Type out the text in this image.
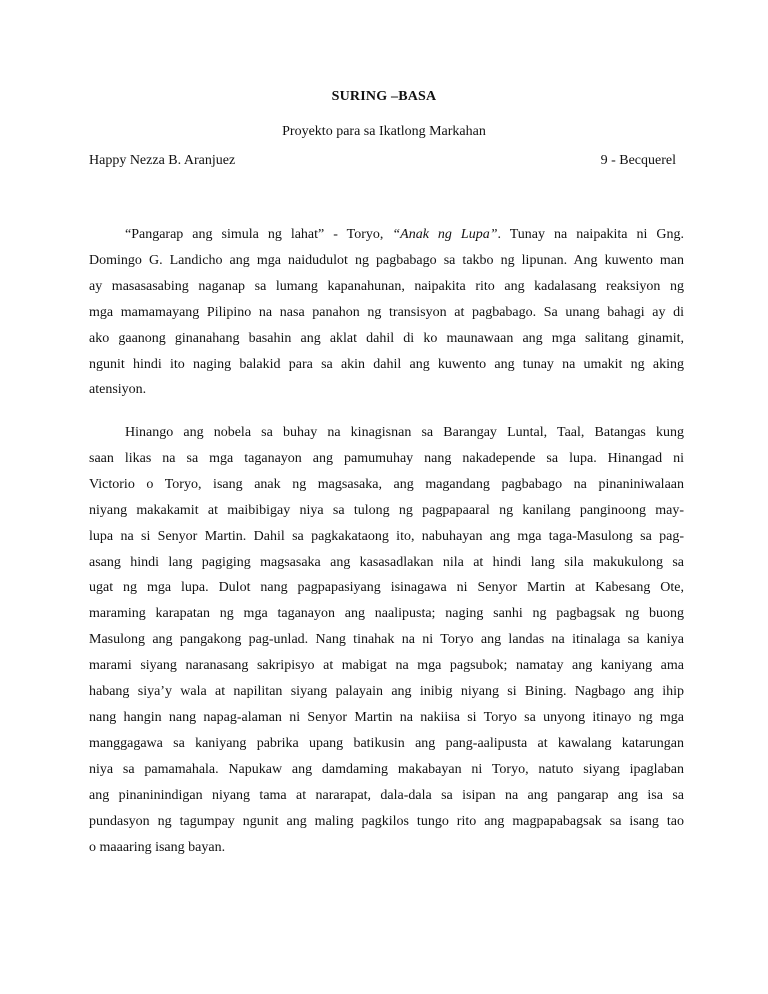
SURING –BASA
Proyekto para sa Ikatlong Markahan
Happy Nezza B. Aranjuez	9 - Becquerel
“Pangarap ang simula ng lahat” - Toryo, “Anak ng Lupa”. Tunay na naipakita ni Gng.
Domingo G. Landicho ang mga naidudulot ng pagbabago sa takbo ng lipunan. Ang kuwento man
ay masasasabing naganap sa lumang kapanahunan, naipakita rito ang kadalasang reaksiyon ng
mga mamamayang Pilipino na nasa panahon ng transisyon at pagbabago. Sa unang bahagi ay di
ako gaanong ginanahang basahin ang aklat dahil di ko maunawaan ang mga salitang ginamit,
ngunit hindi ito naging balakid para sa akin dahil ang kuwento ang tunay na umakit ng aking
atensiyon.
Hinango ang nobela sa buhay na kinagisnan sa Barangay Luntal, Taal, Batangas kung
saan likas na sa mga taganayon ang pamumuhay nang nakadepende sa lupa. Hinangad ni
Victorio o Toryo, isang anak ng magsasaka, ang magandang pagbabago na pinaniniwalaan
niyang makakamit at maibibigay niya sa tulong ng pagpapaaral ng kanilang panginoong may-
lupa na si Senyor Martin. Dahil sa pagkakataong ito, nabuhayan ang mga taga-Masulong sa pag-
asang hindi lang pagiging magsasaka ang kasasadlakan nila at hindi lang sila makukulong sa
ugat ng mga lupa. Dulot nang pagpapasiyang isinagawa ni Senyor Martin at Kabesang Ote,
maraming karapatan ng mga taganayon ang naalipusta; naging sanhi ng pagbagsak ng buong
Masulong ang pangakong pag-unlad. Nang tinahak na ni Toryo ang landas na itinalaga sa kaniya
marami siyang naranasang sakripisyo at mabigat na mga pagsubok; namatay ang kaniyang ama
habang siya’y wala at napilitan siyang palayain ang inibig niyang si Bining. Nagbago ang ihip
nang hangin nang napag-alaman ni Senyor Martin na nakiisa si Toryo sa unyong itinayo ng mga
manggagawa sa kaniyang pabrika upang batikusin ang pang-aalipusta at kawalang katarungan
niya sa pamamahala. Napukaw ang damdaming makabayan ni Toryo, natuto siyang ipaglaban
ang pinaninindigan niyang tama at nararapat, dala-dala sa isipan na ang pangarap ang isa sa
pundasyon ng tagumpay ngunit ang maling pagkilos tungo rito ang magpapabagsak sa isang tao
o maaaring isang bayan.
